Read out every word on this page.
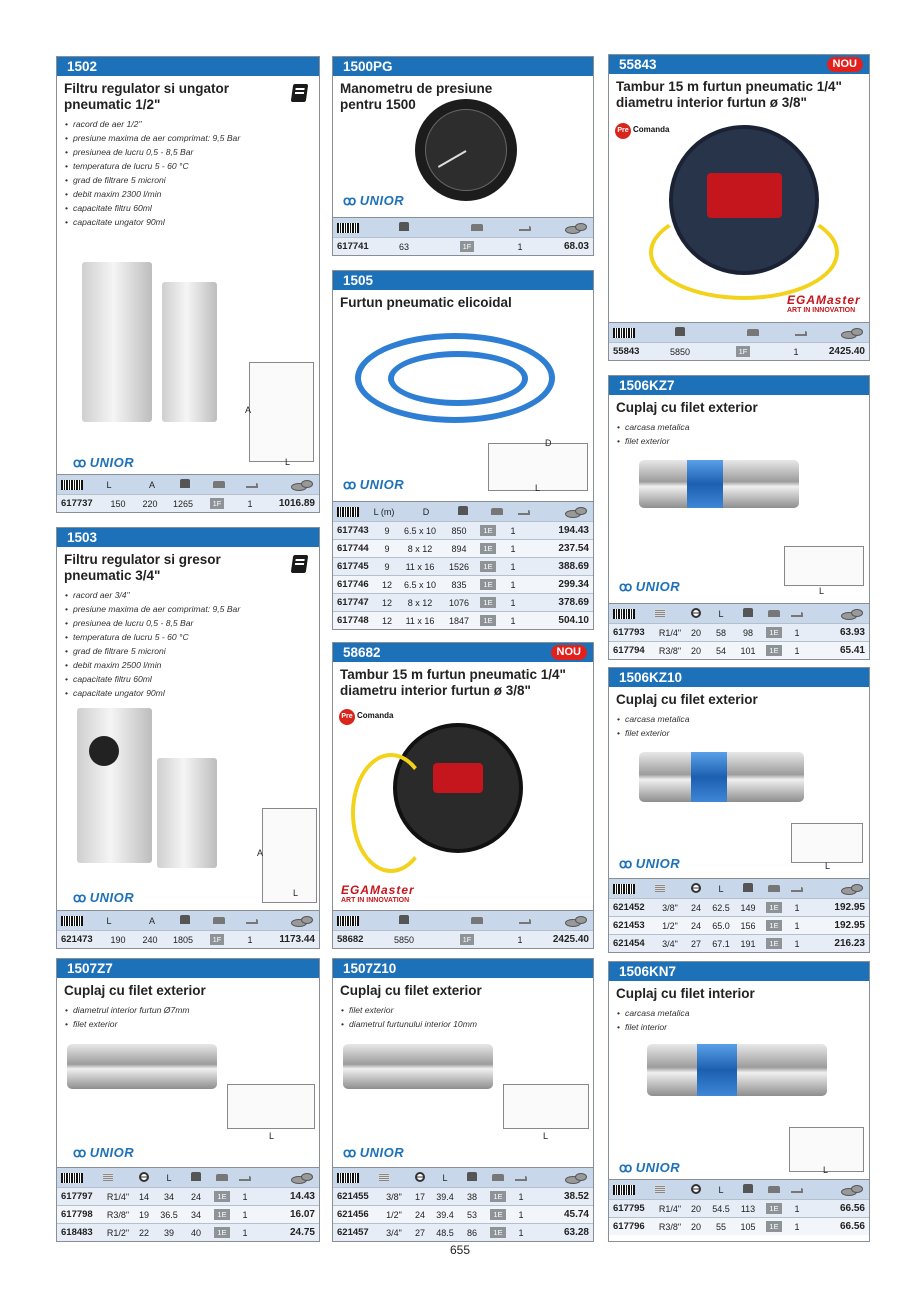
1502
Filtru regulator si ungator pneumatic 1/2"
• racord de aer 1/2"
• presiune maxima de aer comprimat: 9,5 Bar
• presiunea de lucru 0,5 - 8,5 Bar
• temperatura de lucru 5 - 60 °C
• grad de filtrare 5 microni
• debit maxim 2300 l/min
• capacitate filtru 60ml
• capacitate ungator 90ml
A
L
ꝏ UNIOR
L	A
617737	150	220	1265	1F	1	1016.89
1503
Filtru regulator si gresor pneumatic 3/4"
• racord aer 3/4"
• presiune maxima de aer comprimat: 9,5 Bar
• presiunea de lucru 0,5 - 8,5 Bar
• temperatura de lucru 5 - 60 °C
• grad de filtrare 5 microni
• debit maxim 2500 l/min
• capacitate filtru 60ml
• capacitate ungator 90ml
A
L
ꝏ UNIOR
L	A
621473	190	240	1805	1F	1	1173.44
1507Z7
Cuplaj cu filet exterior
• diametrul interior furtun Ø7mm
• filet exterior
L
ꝏ UNIOR
L
617797	R1/4"	14	34	24	1E	1	14.43
617798	R3/8"	19	36.5	34	1E	1	16.07
618483	R1/2"	22	39	40	1E	1	24.75
1500PG
Manometru de presiune pentru 1500
ꝏ UNIOR
617741	63	1F	1	68.03
1505
Furtun pneumatic elicoidal
D
L
ꝏ UNIOR
L (m)	D
617743	9	6.5 x 10	850	1E	1	194.43
617744	9	8 x 12	894	1E	1	237.54
617745	9	11 x 16	1526	1E	1	388.69
617746	12	6.5 x 10	835	1E	1	299.34
617747	12	8 x 12	1076	1E	1	378.69
617748	12	11 x 16	1847	1E	1	504.10
58682	NOU
Tambur 15 m furtun pneumatic 1/4" diametru interior furtun ø 3/8"
Pre Comanda
EGAMaster
ART IN INNOVATION
58682	5850	1F	1	2425.40
1507Z10
Cuplaj cu filet exterior
• filet exterior
• diametrul furtunului interior 10mm
L
ꝏ UNIOR
L
621455	3/8"	17	39.4	38	1E	1	38.52
621456	1/2"	24	39.4	53	1E	1	45.74
621457	3/4"	27	48.5	86	1E	1	63.28
55843	NOU
Tambur 15 m furtun pneumatic 1/4" diametru interior furtun ø 3/8"
Pre Comanda
EGAMaster
ART IN INNOVATION
55843	5850	1F	1	2425.40
1506KZ7
Cuplaj cu filet exterior
• carcasa metalica
• filet exterior
L
ꝏ UNIOR
L
617793	R1/4"	20	58	98	1E	1	63.93
617794	R3/8"	20	54	101	1E	1	65.41
1506KZ10
Cuplaj cu filet exterior
• carcasa metalica
• filet exterior
L
ꝏ UNIOR
L
621452	3/8"	24	62.5	149	1E	1	192.95
621453	1/2"	24	65.0	156	1E	1	192.95
621454	3/4"	27	67.1	191	1E	1	216.23
1506KN7
Cuplaj cu filet interior
• carcasa metalica
• filet interior
L
ꝏ UNIOR
L
617795	R1/4"	20	54.5	113	1E	1	66.56
617796	R3/8"	20	55	105	1E	1	66.56
655
